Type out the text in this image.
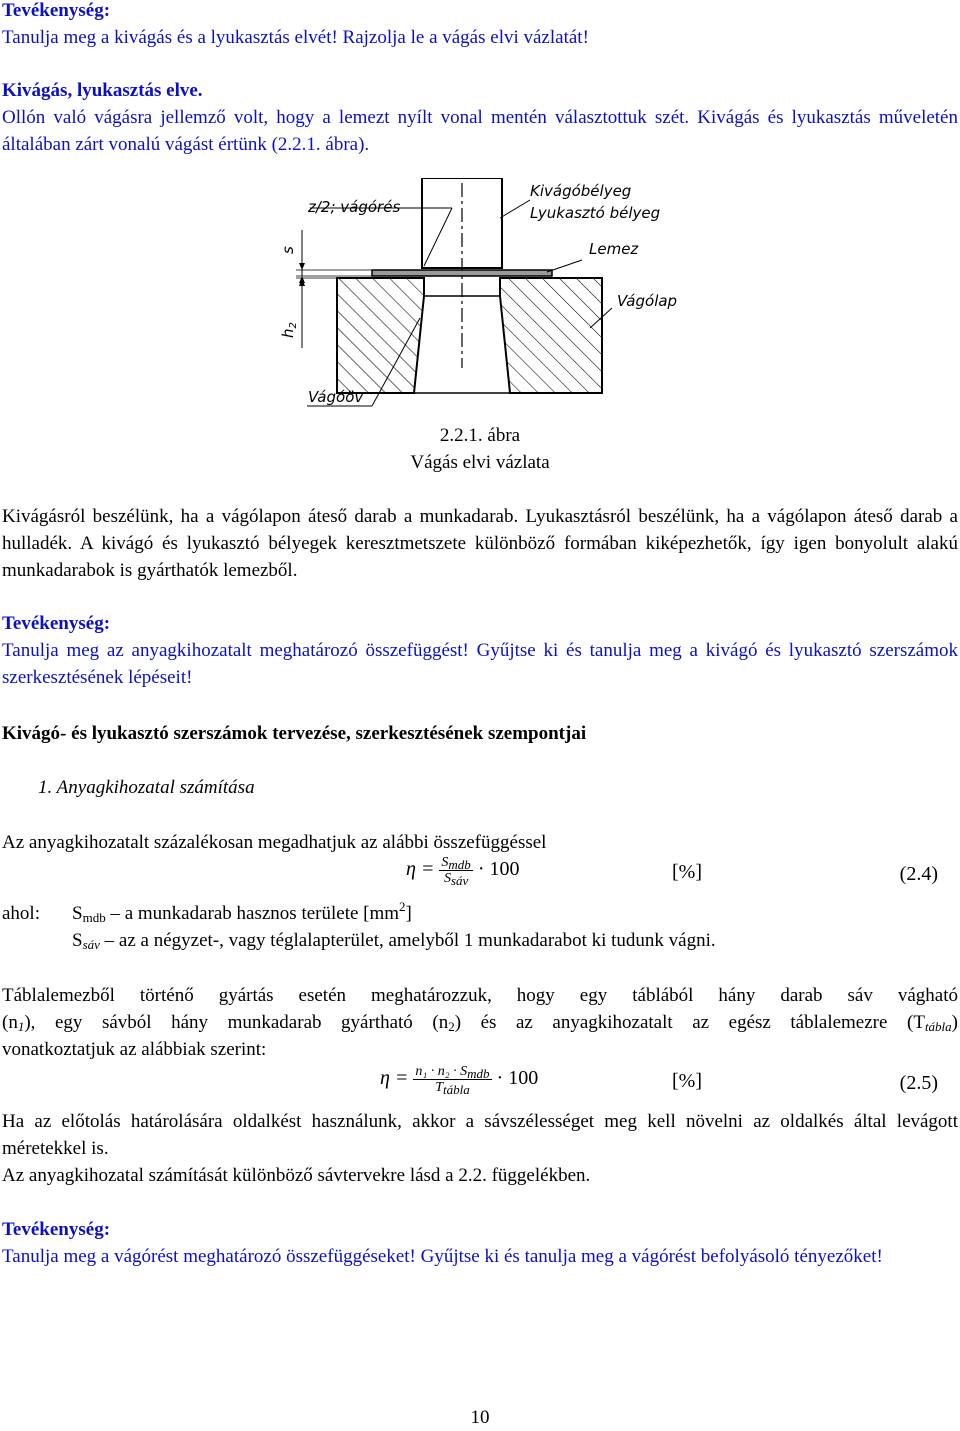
Tevékenység:
Tanulja meg a kivágás és a lyukasztás elvét! Rajzolja le a vágás elvi vázlatát!
Kivágás, lyukasztás elve.
Ollón való vágásra jellemző volt, hogy a lemezt nyílt vonal mentén választottuk szét. Kivágás és lyukasztás műveletén általában zárt vonalú vágást értünk (2.2.1. ábra).
z/2; vágórés
Kivágóbélyeg
Lyukasztó bélyeg
Lemez
Vágólap
s
$h_2$
Vágóöv
2.2.1. ábra
Vágás elvi vázlata
Kivágásról beszélünk, ha a vágólapon áteső darab a munkadarab. Lyukasztásról beszélünk, ha a vágólapon áteső darab a hulladék. A kivágó és lyukasztó bélyegek keresztmetszete különböző formában kiképezhetők, így igen bonyolult alakú munkadarabok is gyárthatók lemezből.
Tevékenység:
Tanulja meg az anyagkihozatalt meghatározó összefüggést! Gyűjtse ki és tanulja meg a kivágó és lyukasztó szerszámok szerkesztésének lépéseit!
Kivágó- és lyukasztó szerszámok tervezése, szerkesztésének szempontjai
1. Anyagkihozatal számítása
Az anyagkihozatalt százalékosan megadhatjuk az alábbi összefüggéssel
$\eta = \frac{S_{mdb}}{S_{sáv}} \cdot 100$	[%]	(2.4)
ahol: $S_{mdb}$ – a munkadarab hasznos területe $[mm^2]$
$S_{sáv}$ – az a négyzet-, vagy téglalapterület, amelyből 1 munkadarabot ki tudunk vágni.
Táblalemezből történő gyártás esetén meghatározzuk, hogy egy táblából hány darab sáv vágható
$(n_1)$, egy sávból hány munkadarab gyártható $(n_2)$ és az anyagkihozatalt az egész táblalemezre $(T_{tábla})$
vonatkoztatjuk az alábbiak szerint:
$\eta = \frac{n_1 \cdot n_2 \cdot S_{mdb}}{T_{tábla}} \cdot 100$	[%]	(2.5)
Ha az előtolás határolására oldalkést használunk, akkor a sávszélességet meg kell növelni az oldalkés által levágott méretekkel is.
Az anyagkihozatal számítását különböző sávtervekre lásd a 2.2. függelékben.
Tevékenység:
Tanulja meg a vágórést meghatározó összefüggéseket! Gyűjtse ki és tanulja meg a vágórést befolyásoló tényezőket!
10
